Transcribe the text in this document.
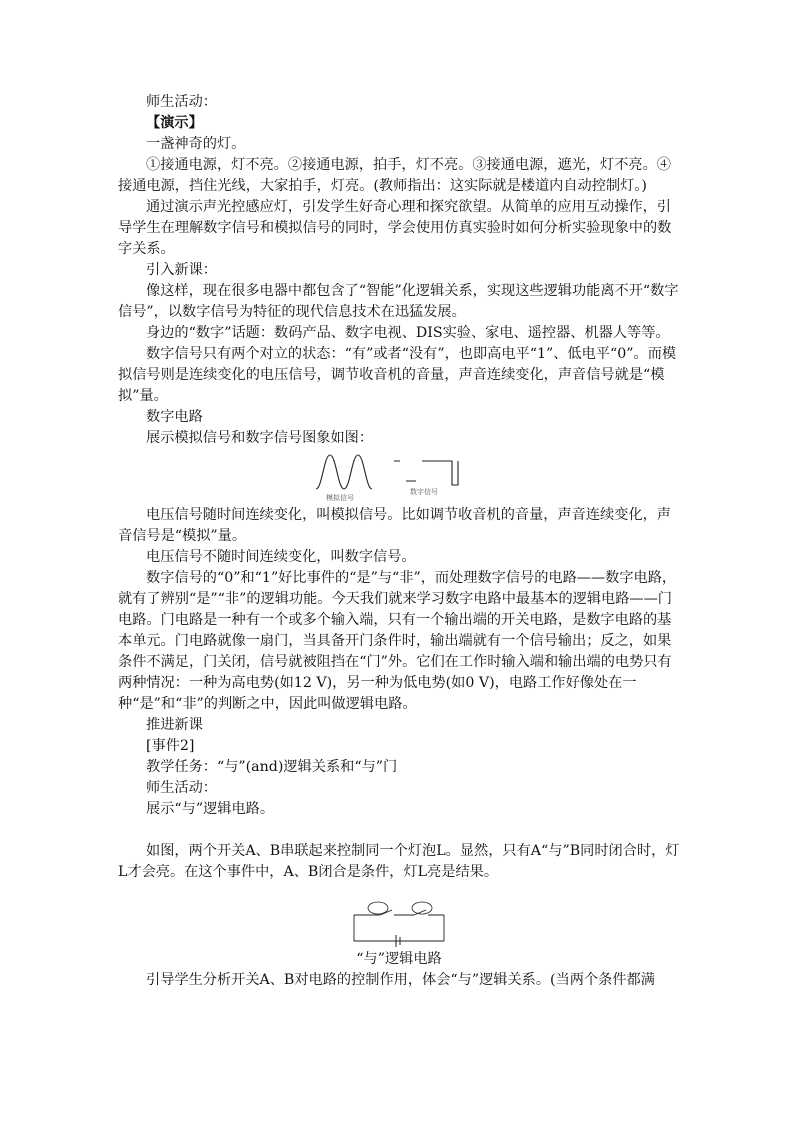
师生活动：

【演示】

一盏神奇的灯。

①接通电源，灯不亮。②接通电源，拍手，灯不亮。③接通电源，遮光，灯不亮。④接通电源，挡住光线，大家拍手，灯亮。(教师指出：这实际就是楼道内自动控制灯。)

通过演示声光控感应灯，引发学生好奇心理和探究欲望。从简单的应用互动操作，引导学生在理解数字信号和模拟信号的同时，学会使用仿真实验时如何分析实验现象中的数字关系。

引入新课：

像这样，现在很多电器中都包含了“智能”化逻辑关系，实现这些逻辑功能离不开“数字信号”，以数字信号为特征的现代信息技术在迅猛发展。

身边的“数字”话题：数码产品、数字电视、DIS实验、家电、遥控器、机器人等等。

数字信号只有两个对立的状态：“有”或者“没有”，也即高电平“1”、低电平“0”。而模拟信号则是连续变化的电压信号，调节收音机的音量，声音连续变化，声音信号就是“模拟”量。

数字电路

展示模拟信号和数字信号图象如图：

模拟信号
数字信号

电压信号随时间连续变化，叫模拟信号。比如调节收音机的音量，声音连续变化，声音信号是“模拟”量。

电压信号不随时间连续变化，叫数字信号。

数字信号的“0”和“1”好比事件的“是”与“非”，而处理数字信号的电路——数字电路，就有了辨别“是”“非”的逻辑功能。今天我们就来学习数字电路中最基本的逻辑电路——门电路。门电路是一种有一个或多个输入端，只有一个输出端的开关电路，是数字电路的基本单元。门电路就像一扇门，当具备开门条件时，输出端就有一个信号输出；反之，如果条件不满足，门关闭，信号就被阻挡在“门”外。它们在工作时输入端和输出端的电势只有两种情况：一种为高电势(如12 V)，另一种为低电势(如0 V)，电路工作好像处在一种“是”和“非”的判断之中，因此叫做逻辑电路。

推进新课

[事件2]

教学任务：“与”(and)逻辑关系和“与”门

师生活动：

展示“与”逻辑电路。

如图，两个开关A、B串联起来控制同一个灯泡L。显然，只有A“与”B同时闭合时，灯L才会亮。在这个事件中，A、B闭合是条件，灯L亮是结果。

“与”逻辑电路

引导学生分析开关A、B对电路的控制作用，体会“与”逻辑关系。(当两个条件都满
